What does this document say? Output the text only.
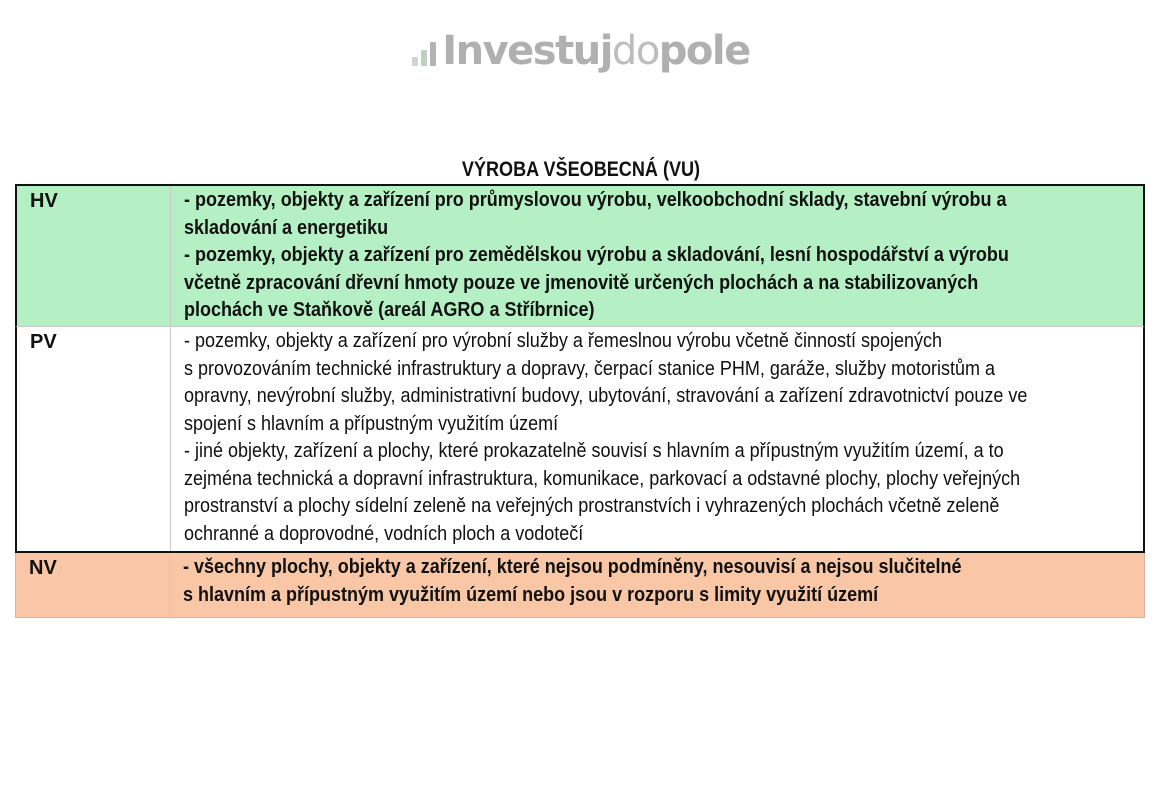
Investuj do pole
VÝROBA VŠEOBECNÁ (VU)
HV	- pozemky, objekty a zařízení pro průmyslovou výrobu, velkoobchodní sklady, stavební výrobu a
skladování a energetiku
- pozemky, objekty a zařízení pro zemědělskou výrobu a skladování, lesní hospodářství a výrobu
včetně zpracování dřevní hmoty pouze ve jmenovitě určených plochách a na stabilizovaných
plochách ve Staňkově (areál AGRO a Stříbrnice)
PV	- pozemky, objekty a zařízení pro výrobní služby a řemeslnou výrobu včetně činností spojených
s provozováním technické infrastruktury a dopravy, čerpací stanice PHM, garáže, služby motoristům a
opravny, nevýrobní služby, administrativní budovy, ubytování, stravování a zařízení zdravotnictví pouze ve
spojení s hlavním a přípustným využitím území
- jiné objekty, zařízení a plochy, které prokazatelně souvisí s hlavním a přípustným využitím území, a to
zejména technická a dopravní infrastruktura, komunikace, parkovací a odstavné plochy, plochy veřejných
prostranství a plochy sídelní zeleně na veřejných prostranstvích i vyhrazených plochách včetně zeleně
ochranné a doprovodné, vodních ploch a vodotečí
NV	- všechny plochy, objekty a zařízení, které nejsou podmíněny, nesouvisí a nejsou slučitelné
s hlavním a přípustným využitím území nebo jsou v rozporu s limity využití území
